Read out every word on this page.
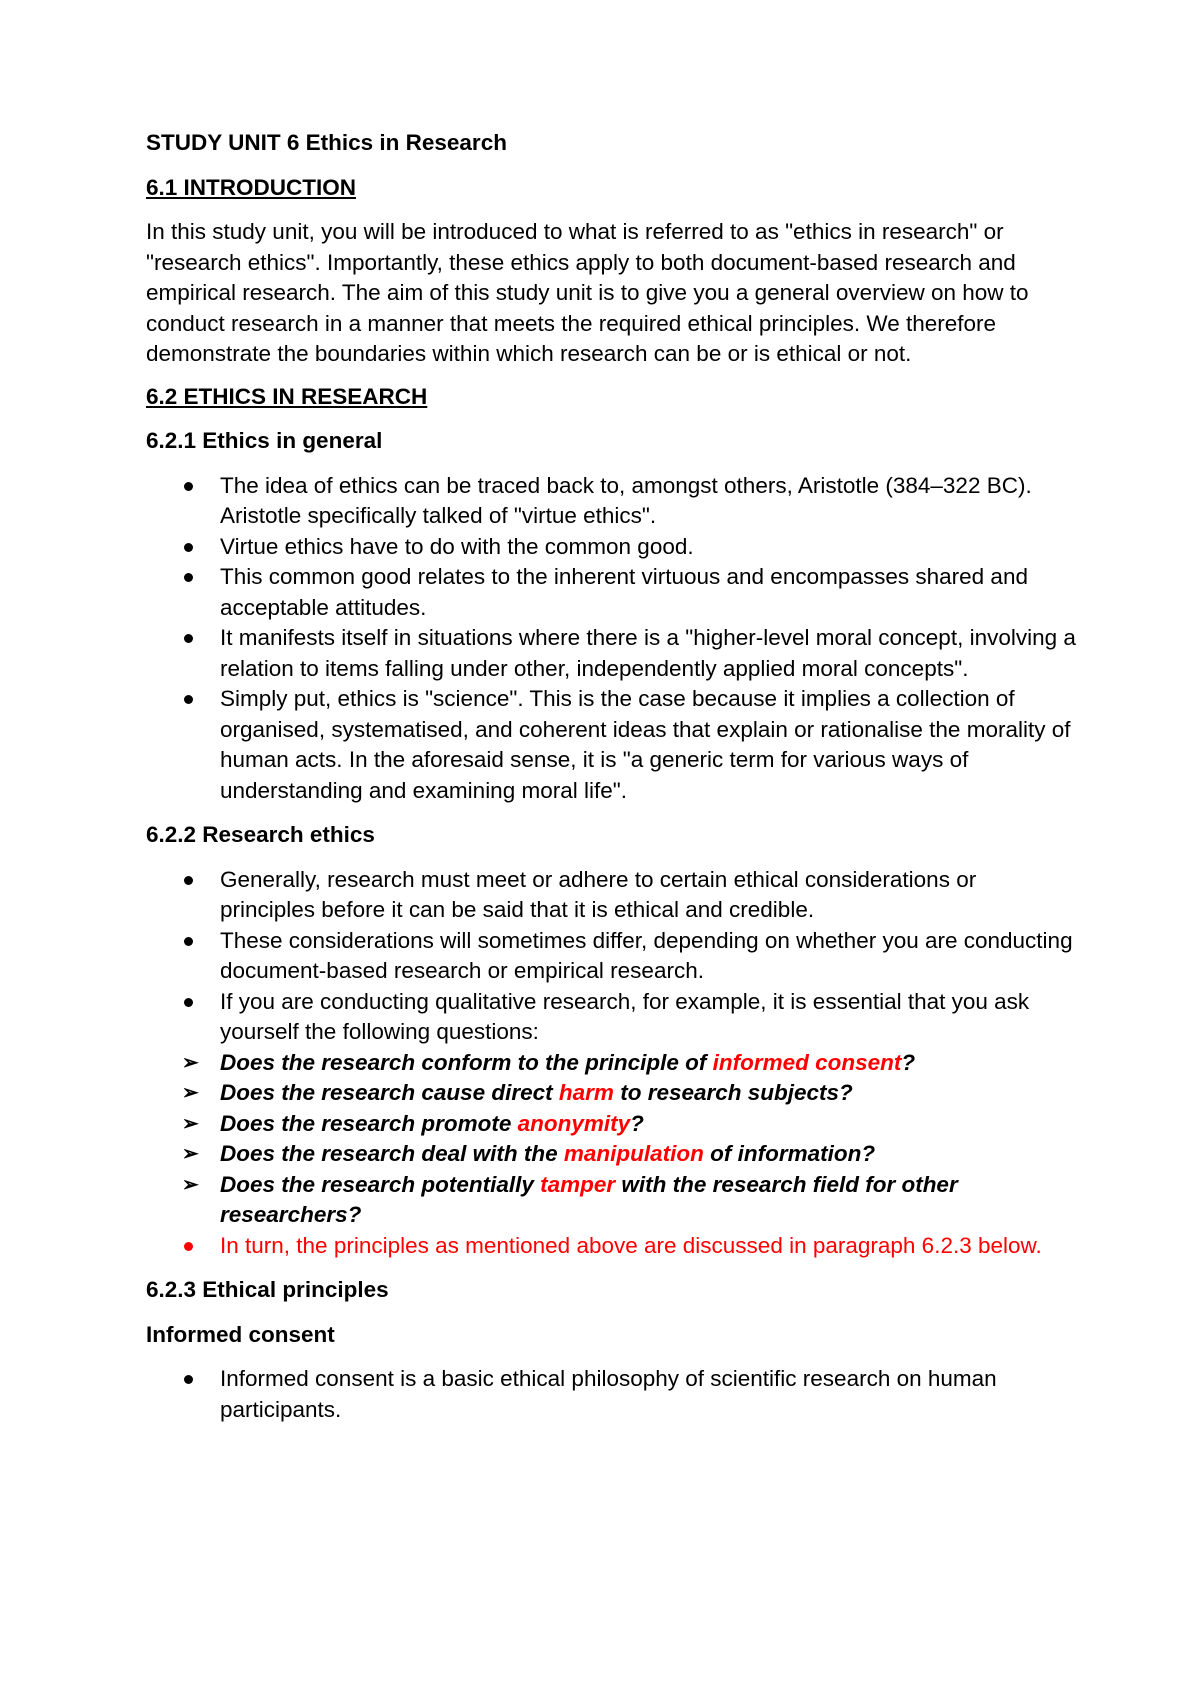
STUDY UNIT 6 Ethics in Research
6.1 INTRODUCTION

In this study unit, you will be introduced to what is referred to as "ethics in research" or "research ethics". Importantly, these ethics apply to both document-based research and empirical research. The aim of this study unit is to give you a general overview on how to conduct research in a manner that meets the required ethical principles. We therefore demonstrate the boundaries within which research can be or is ethical or not.

6.2 ETHICS IN RESEARCH
6.2.1 Ethics in general
The idea of ethics can be traced back to, amongst others, Aristotle (384–322 BC). Aristotle specifically talked of "virtue ethics".
Virtue ethics have to do with the common good.
This common good relates to the inherent virtuous and encompasses shared and acceptable attitudes.
It manifests itself in situations where there is a "higher-level moral concept, involving a relation to items falling under other, independently applied moral concepts".
Simply put, ethics is "science". This is the case because it implies a collection of organised, systematised, and coherent ideas that explain or rationalise the morality of human acts. In the aforesaid sense, it is "a generic term for various ways of understanding and examining moral life".
6.2.2 Research ethics
Generally, research must meet or adhere to certain ethical considerations or principles before it can be said that it is ethical and credible.
These considerations will sometimes differ, depending on whether you are conducting document-based research or empirical research.
If you are conducting qualitative research, for example, it is essential that you ask yourself the following questions:
➢ Does the research conform to the principle of informed consent?
➢ Does the research cause direct harm to research subjects?
➢ Does the research promote anonymity?
➢ Does the research deal with the manipulation of information?
➢ Does the research potentially tamper with the research field for other researchers?
In turn, the principles as mentioned above are discussed in paragraph 6.2.3 below.
6.2.3 Ethical principles
Informed consent
Informed consent is a basic ethical philosophy of scientific research on human participants.
